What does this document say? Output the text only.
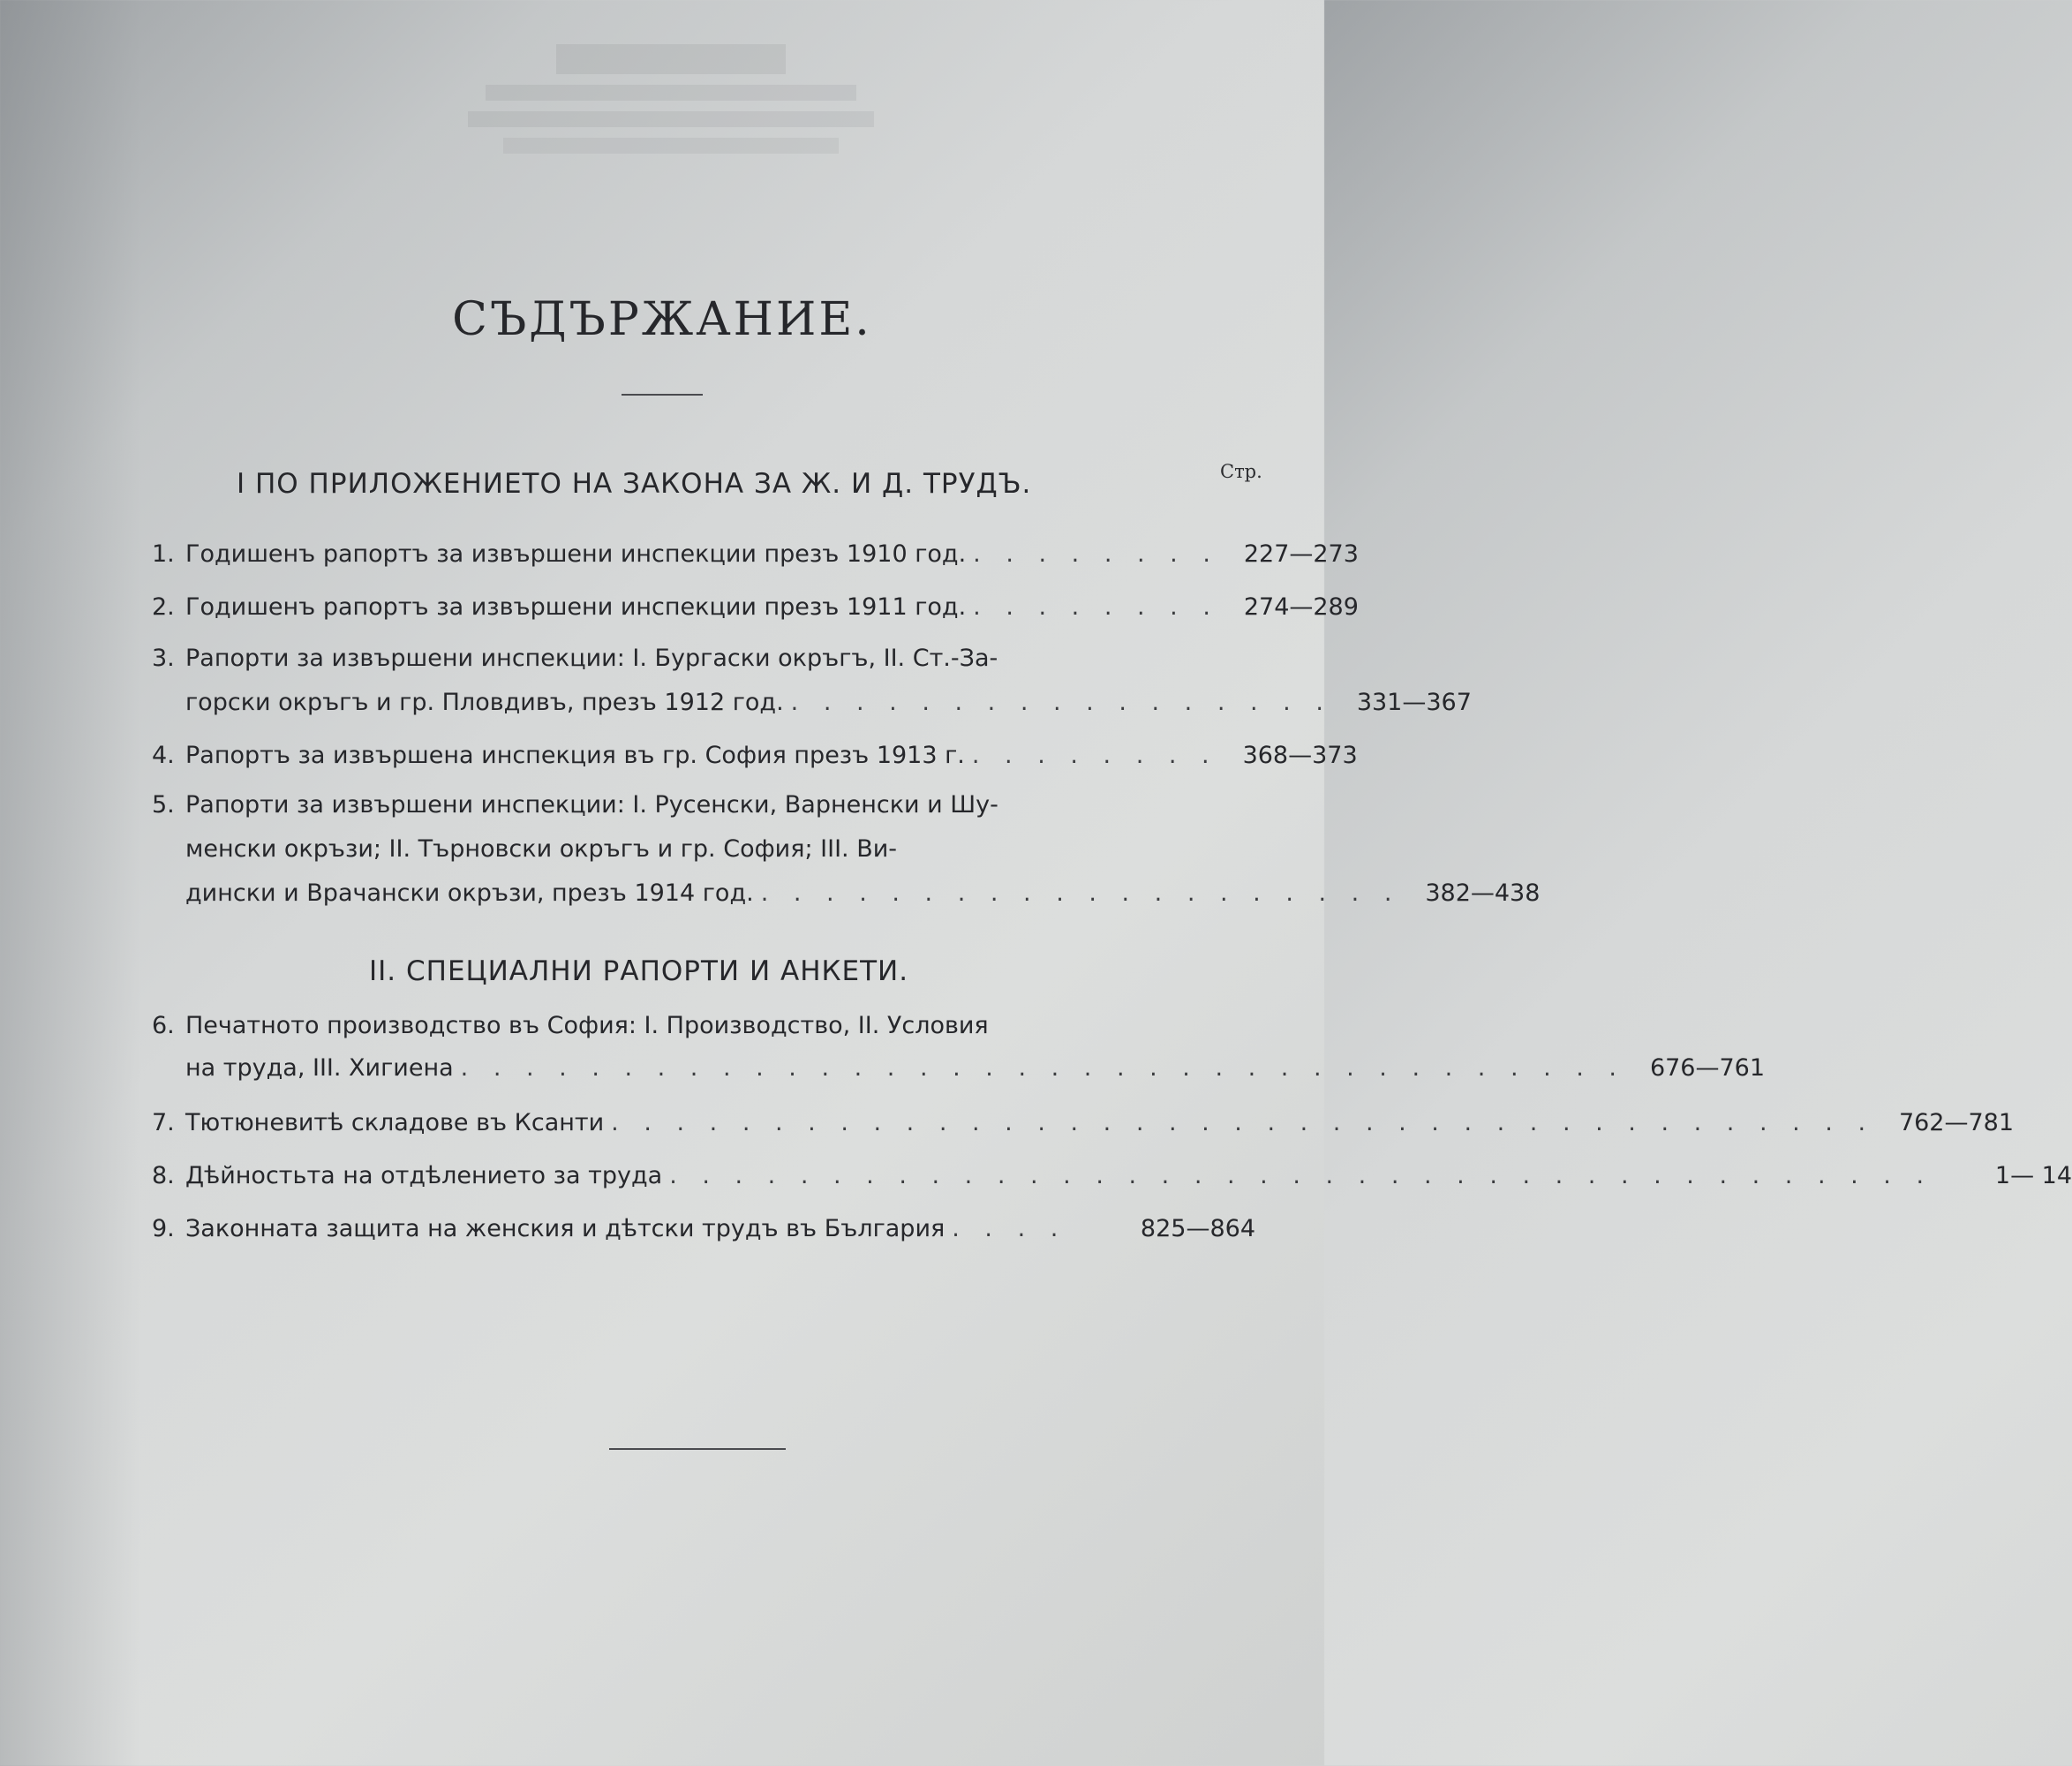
СЪДЪРЖАНИЕ.
I ПО ПРИЛОЖЕНИЕТО НА ЗАКОНА ЗА Ж. И Д. ТРУДЪ.	Стр.
1. Годишенъ рапортъ за извършени инспекции презъ 1910 год. . . . . . . . .	227—273
2. Годишенъ рапортъ за извършени инспекции презъ 1911 год. . . . . . . . .	274—289
3. Рапорти за извършени инспекции: I. Бургаски окръгъ, II. Ст.-За-
горски окръгъ и гр. Пловдивъ, презъ 1912 год. . . . . . . . . . . . . . . . . .	331—367
4. Рапортъ за извършена инспекция въ гр. София презъ 1913 г. . . . . . . . .	368—373
5. Рапорти за извършени инспекции: I. Русенски, Варненски и Шу-
менски окръзи; II. Търновски окръгъ и гр. София; III. Ви-
дински и Врачански окръзи, презъ 1914 год. . . . . . . . . . . . . . . . . . . . .	382—438
II. СПЕЦИАЛНИ РАПОРТИ И АНКЕТИ.
6. Печатното производство въ София: I. Производство, II. Условия
на труда, III. Хигиена . . . . . . . . . . . . . . . . . . . . . . . . . . . . . . . . . . . .	676—761
7. Тютюневитѣ складове въ Ксанти . . . . . . . . . . . . . . . . . . . . . . . . . . . . . . . . . . . . . . .	762—781
8. Дѣйностьта на отдѣлението за труда . . . . . . . . . . . . . . . . . . . . . . . . . . . . . . . . . . . . . . .	1— 14
9. Законната защита на женския и дѣтски трудъ въ България . . . .	825—864
